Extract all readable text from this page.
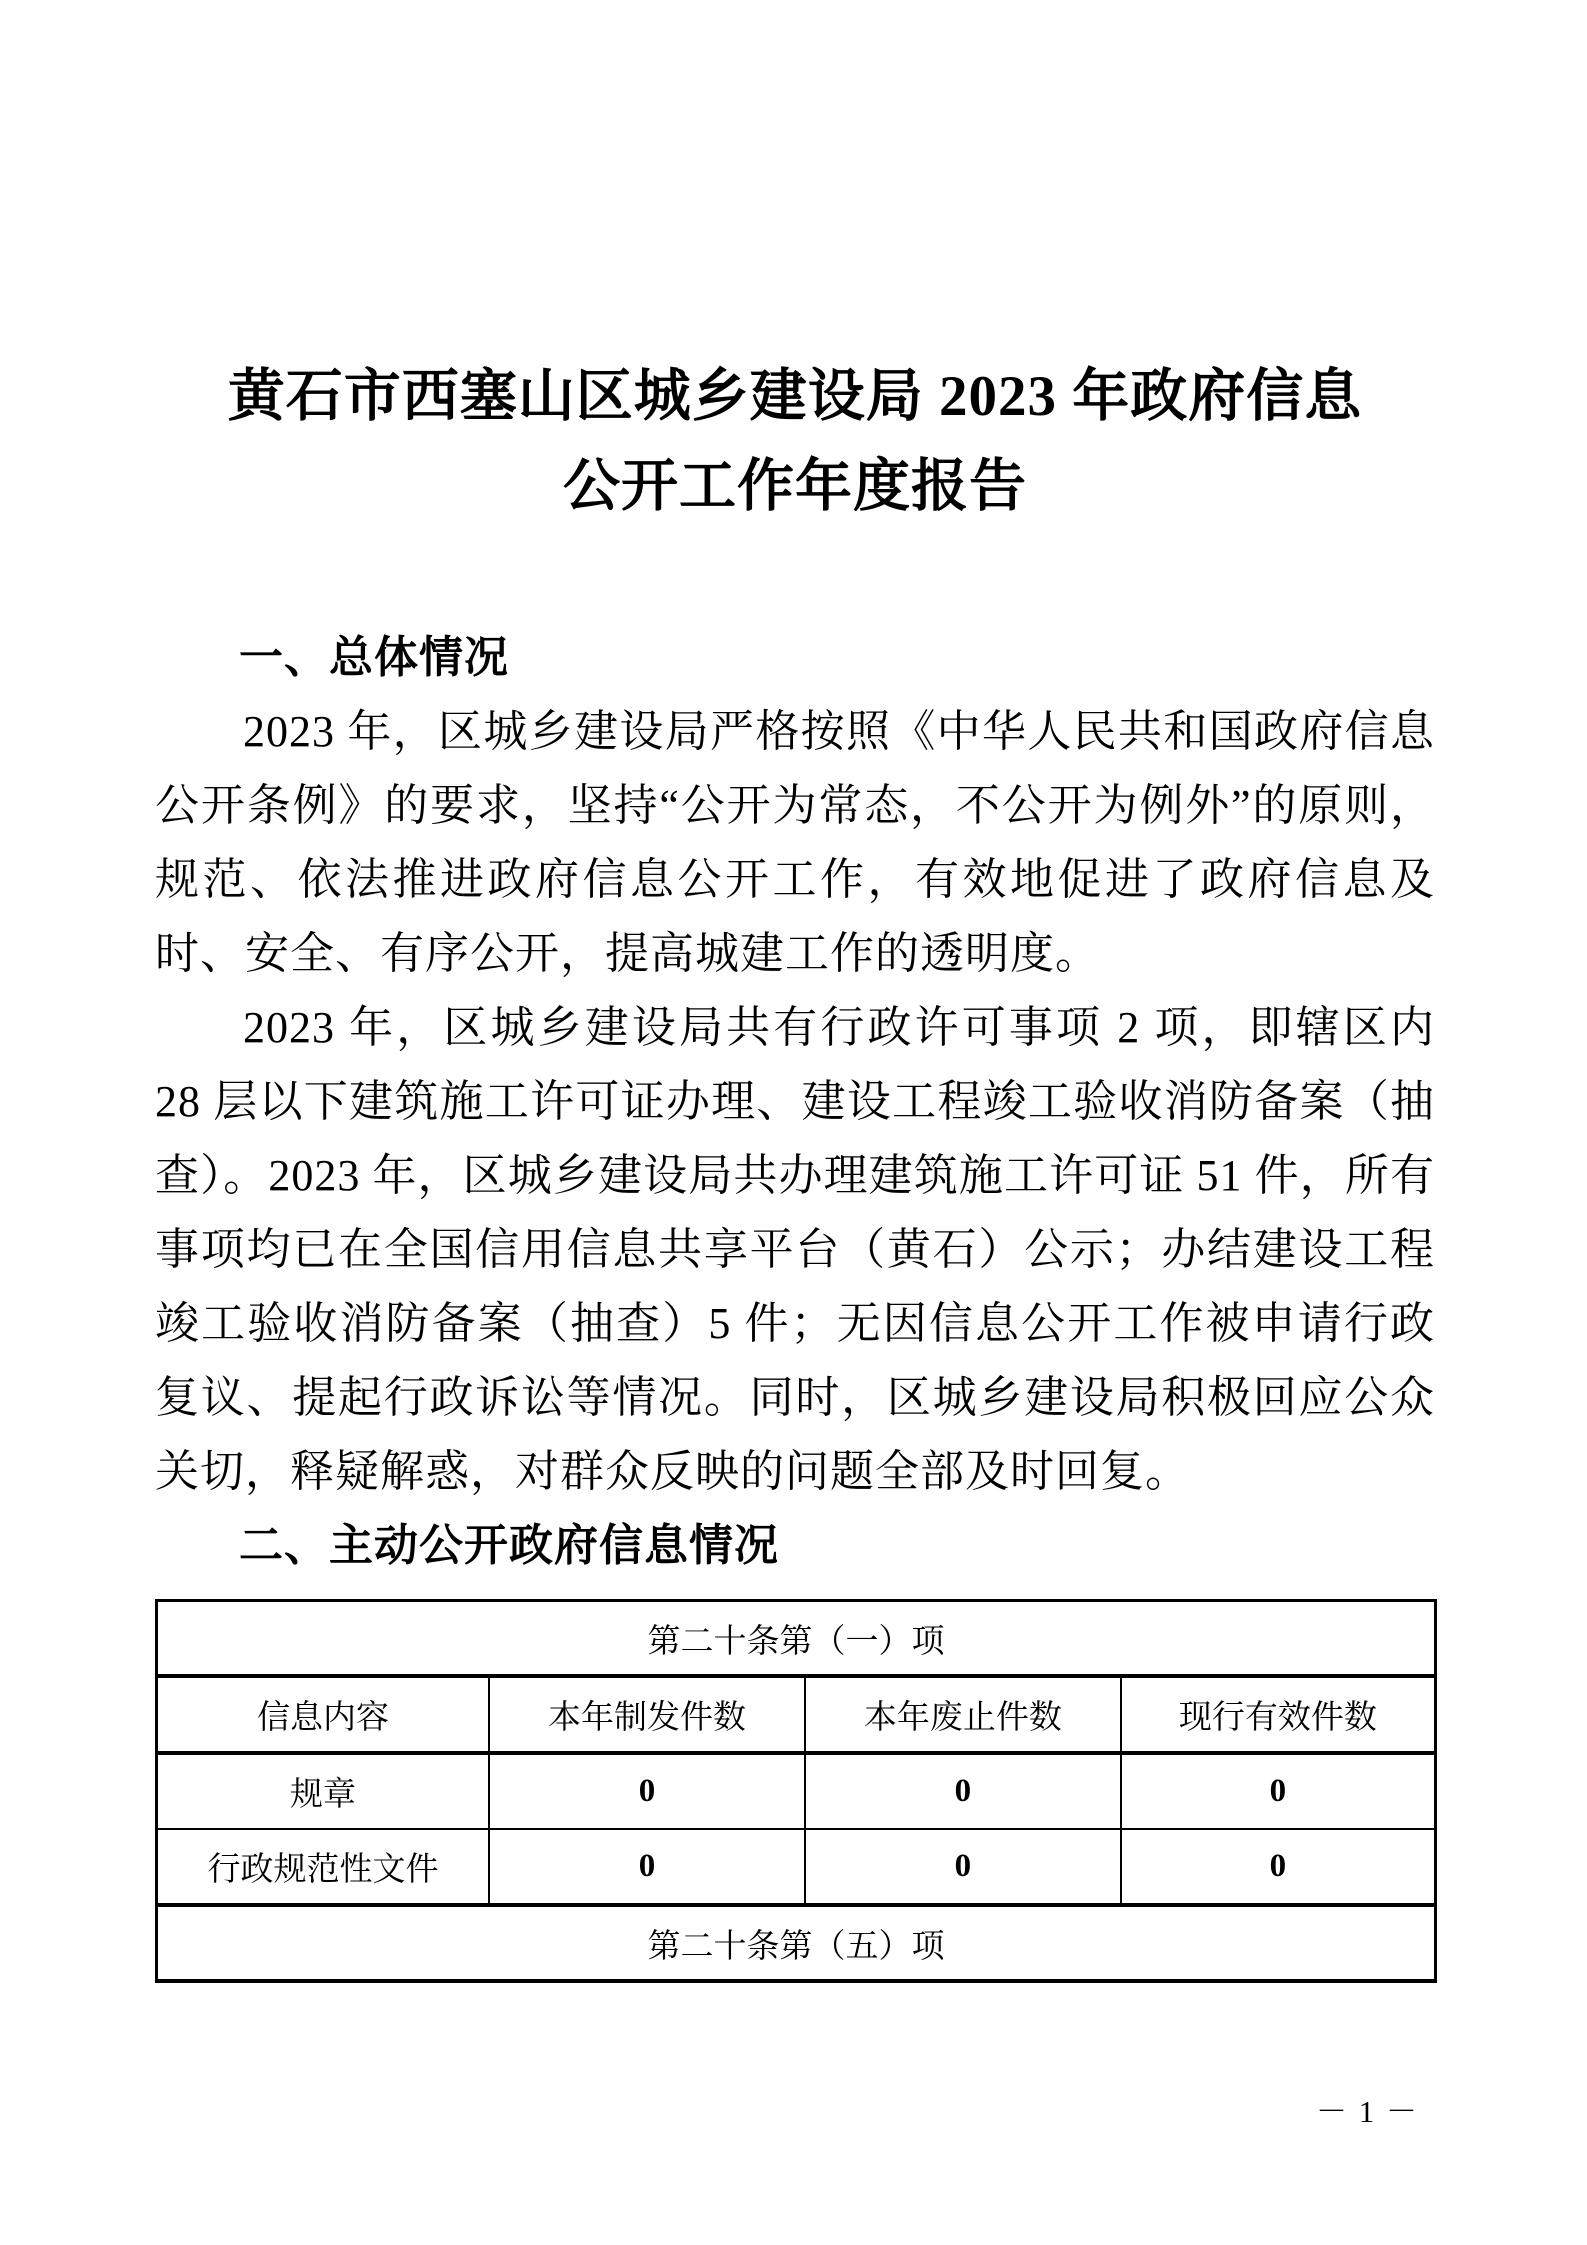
黄石市西塞山区城乡建设局 2023 年政府信息
公开工作年度报告
一、总体情况

2023 年，区城乡建设局严格按照《中华人民共和国政府信息公开条例》的要求，坚持“公开为常态，不公开为例外”的原则，规范、依法推进政府信息公开工作，有效地促进了政府信息及时、安全、有序公开，提高城建工作的透明度。

2023 年，区城乡建设局共有行政许可事项 2 项，即辖区内 28 层以下建筑施工许可证办理、建设工程竣工验收消防备案（抽查）。2023 年，区城乡建设局共办理建筑施工许可证 51 件，所有事项均已在全国信用信息共享平台（黄石）公示；办结建设工程竣工验收消防备案（抽查）5 件；无因信息公开工作被申请行政复议、提起行政诉讼等情况。同时，区城乡建设局积极回应公众关切，释疑解惑，对群众反映的问题全部及时回复。

二、主动公开政府信息情况
第二十条第（一）项			
信息内容	本年制发件数	本年废止件数	现行有效件数
规章	0	0	0
行政规范性文件	0	0	0
第二十条第（五）项			
－ 1 －
